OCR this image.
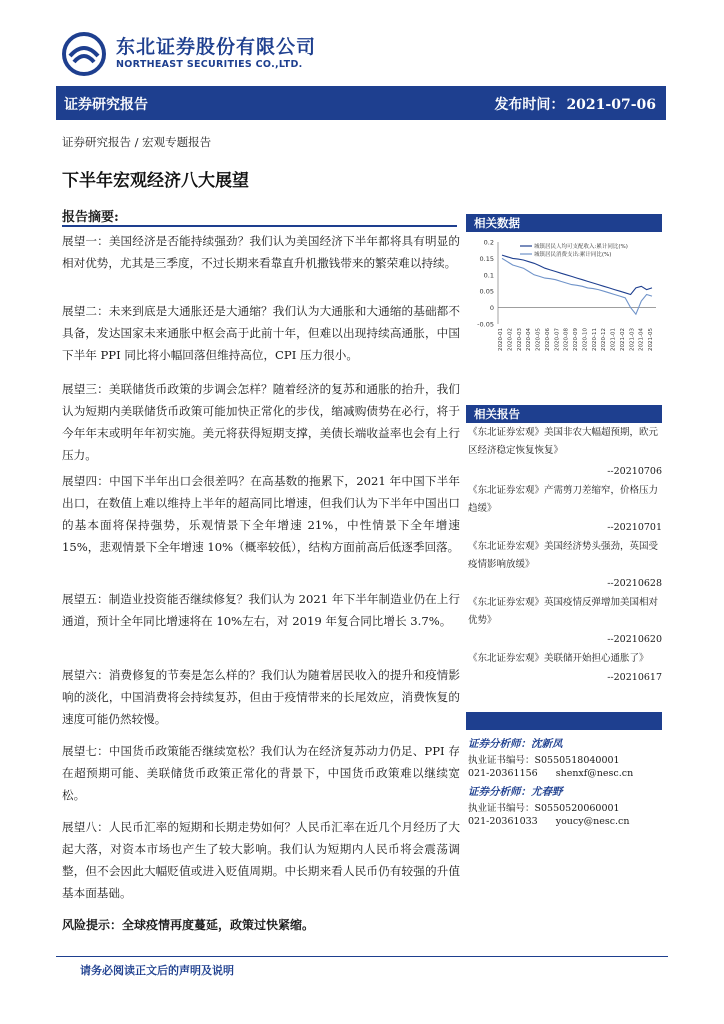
东北证券股份有限公司
NORTHEAST SECURITIES CO.,LTD.
证券研究报告	发布时间： 2021-07-06
证券研究报告 / 宏观专题报告
下半年宏观经济八大展望
报告摘要:
展望一：美国经济是否能持续强劲？我们认为美国经济下半年都将具有明显的相对优势，尤其是三季度，不过长期来看靠直升机撒钱带来的繁荣难以持续。
展望二：未来到底是大通胀还是大通缩？我们认为大通胀和大通缩的基础都不具备，发达国家未来通胀中枢会高于此前十年，但难以出现持续高通胀，中国下半年 PPI 同比将小幅回落但维持高位，CPI 压力很小。
展望三：美联储货币政策的步调会怎样？随着经济的复苏和通胀的抬升，我们认为短期内美联储货币政策可能加快正常化的步伐，缩减购债势在必行，将于今年年末或明年年初实施。美元将获得短期支撑，美债长端收益率也会有上行压力。
展望四：中国下半年出口会很差吗？在高基数的拖累下，2021 年中国下半年出口，在数值上难以维持上半年的超高同比增速，但我们认为下半年中国出口的基本面将保持强势，乐观情景下全年增速 21%，中性情景下全年增速 15%，悲观情景下全年增速 10%（概率较低），结构方面前高后低逐季回落。
展望五：制造业投资能否继续修复？我们认为 2021 年下半年制造业仍在上行通道，预计全年同比增速将在 10%左右，对 2019 年复合同比增长 3.7%。
展望六：消费修复的节奏是怎么样的？我们认为随着居民收入的提升和疫情影响的淡化，中国消费将会持续复苏，但由于疫情带来的长尾效应，消费恢复的速度可能仍然较慢。
展望七：中国货币政策能否继续宽松？我们认为在经济复苏动力仍足、PPI 存在超预期可能、美联储货币政策正常化的背景下，中国货币政策难以继续宽松。
展望八：人民币汇率的短期和长期走势如何？人民币汇率在近几个月经历了大起大落，对资本市场也产生了较大影响。我们认为短期内人民币将会震荡调整，但不会因此大幅贬值或进入贬值周期。中长期来看人民币仍有较强的升值基本面基础。
风险提示：全球疫情再度蔓延，政策过快紧缩。
请务必阅读正文后的声明及说明
相关数据
0.2
0.15
0.1
0.05
0
-0.05
2020-01 2020-02 2020-03 2020-04 2020-05 2020-06 2020-07 2020-08 2020-09 2020-10 2020-11 2020-12 2021-01 2021-02 2021-03 2021-04 2021-05
城镇居民人均可支配收入:累计同比(%)
城镇居民消费支出:累计同比(%)
相关报告
《东北证券宏观》美国非农大幅超预期，欧元区经济稳定恢复恢复》
--20210706
《东北证券宏观》产需剪刀差缩窄，价格压力趋缓》
--20210701
《东北证券宏观》美国经济势头强劲，英国受疫情影响放缓》
--20210628
《东北证券宏观》英国疫情反弹增加美国相对优势》
--20210620
《东北证券宏观》美联储开始担心通胀了》
--20210617
证券分析师：沈新凤
执业证书编号：S0550518040001
021-20361156 shenxf@nesc.cn
证券分析师：尤春野
执业证书编号：S0550520060001
021-20361033 youcy@nesc.cn
